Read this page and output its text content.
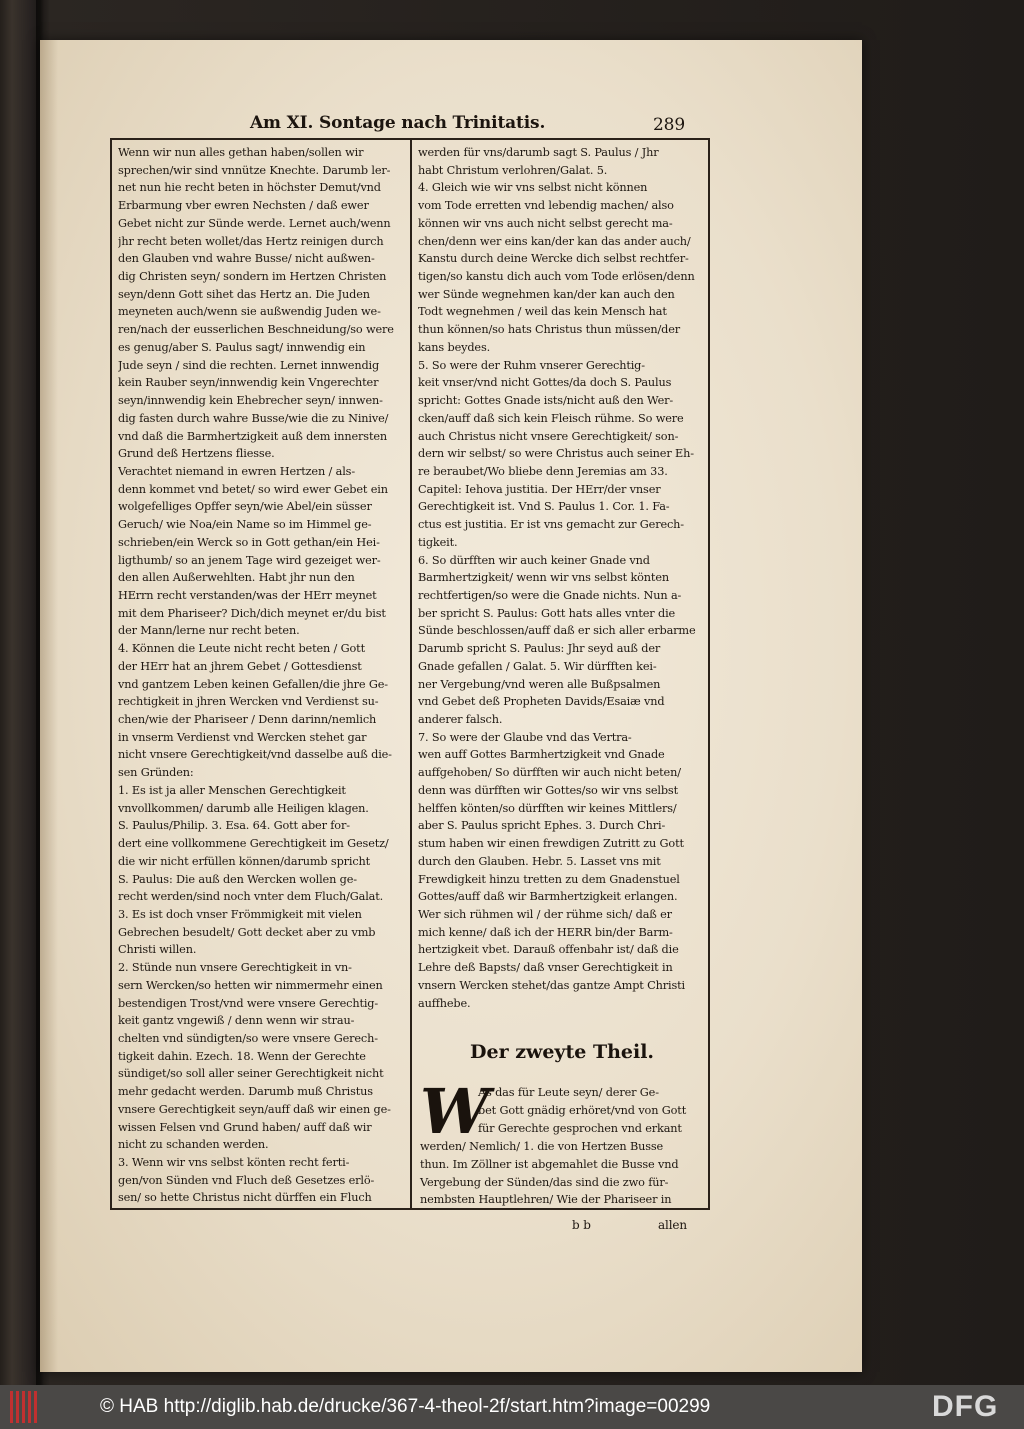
Am XI. Sontage nach Trinitatis.	289
Wenn wir nun alles gethan haben/sollen wir
sprechen/wir sind vnnütze Knechte. Darumb ler-
net nun hie recht beten in höchster Demut/vnd
Erbarmung vber ewren Nechsten / daß ewer
Gebet nicht zur Sünde werde. Lernet auch/wenn
jhr recht beten wollet/das Hertz reinigen durch
den Glauben vnd wahre Busse/ nicht außwen-
dig Christen seyn/ sondern im Hertzen Christen
seyn/denn Gott sihet das Hertz an. Die Juden
meyneten auch/wenn sie außwendig Juden we-
ren/nach der eusserlichen Beschneidung/so were
es genug/aber S. Paulus sagt/ innwendig ein
Jude seyn / sind die rechten. Lernet innwendig
kein Rauber seyn/innwendig kein Vngerechter
seyn/innwendig kein Ehebrecher seyn/ innwen-
dig fasten durch wahre Busse/wie die zu Ninive/
vnd daß die Barmhertzigkeit auß dem innersten
Grund deß Hertzens fliesse.
Verachtet niemand in ewren Hertzen / als-
denn kommet vnd betet/ so wird ewer Gebet ein
wolgefelliges Opffer seyn/wie Abel/ein süsser
Geruch/ wie Noa/ein Name so im Himmel ge-
schrieben/ein Werck so in Gott gethan/ein Hei-
ligthumb/ so an jenem Tage wird gezeiget wer-
den allen Außerwehlten. Habt jhr nun den
HErrn recht verstanden/was der HErr meynet
mit dem Phariseer? Dich/dich meynet er/du bist
der Mann/lerne nur recht beten.
4. Können die Leute nicht recht beten / Gott
der HErr hat an jhrem Gebet / Gottesdienst
vnd gantzem Leben keinen Gefallen/die jhre Ge-
rechtigkeit in jhren Wercken vnd Verdienst su-
chen/wie der Phariseer / Denn darinn/nemlich
in vnserm Verdienst vnd Wercken stehet gar
nicht vnsere Gerechtigkeit/vnd dasselbe auß die-
sen Gründen:
1. Es ist ja aller Menschen Gerechtigkeit
vnvollkommen/ darumb alle Heiligen klagen.
S. Paulus/Philip. 3. Esa. 64. Gott aber for-
dert eine vollkommene Gerechtigkeit im Gesetz/
die wir nicht erfüllen können/darumb spricht
S. Paulus: Die auß den Wercken wollen ge-
recht werden/sind noch vnter dem Fluch/Galat.
3. Es ist doch vnser Frömmigkeit mit vielen
Gebrechen besudelt/ Gott decket aber zu vmb
Christi willen.
2. Stünde nun vnsere Gerechtigkeit in vn-
sern Wercken/so hetten wir nimmermehr einen
bestendigen Trost/vnd were vnsere Gerechtig-
keit gantz vngewiß / denn wenn wir strau-
chelten vnd sündigten/so were vnsere Gerech-
tigkeit dahin. Ezech. 18. Wenn der Gerechte
sündiget/so soll aller seiner Gerechtigkeit nicht
mehr gedacht werden. Darumb muß Christus
vnsere Gerechtigkeit seyn/auff daß wir einen ge-
wissen Felsen vnd Grund haben/ auff daß wir
nicht zu schanden werden.
3. Wenn wir vns selbst könten recht ferti-
gen/von Sünden vnd Fluch deß Gesetzes erlö-
sen/ so hette Christus nicht dürffen ein Fluch
werden für vns/darumb sagt S. Paulus / Jhr
habt Christum verlohren/Galat. 5.
4. Gleich wie wir vns selbst nicht können
vom Tode erretten vnd lebendig machen/ also
können wir vns auch nicht selbst gerecht ma-
chen/denn wer eins kan/der kan das ander auch/
Kanstu durch deine Wercke dich selbst rechtfer-
tigen/so kanstu dich auch vom Tode erlösen/denn
wer Sünde wegnehmen kan/der kan auch den
Todt wegnehmen / weil das kein Mensch hat
thun können/so hats Christus thun müssen/der
kans beydes.
5. So were der Ruhm vnserer Gerechtig-
keit vnser/vnd nicht Gottes/da doch S. Paulus
spricht: Gottes Gnade ists/nicht auß den Wer-
cken/auff daß sich kein Fleisch rühme. So were
auch Christus nicht vnsere Gerechtigkeit/ son-
dern wir selbst/ so were Christus auch seiner Eh-
re beraubet/Wo bliebe denn Jeremias am 33.
Capitel: Iehova justitia. Der HErr/der vnser
Gerechtigkeit ist. Vnd S. Paulus 1. Cor. 1. Fa-
ctus est justitia. Er ist vns gemacht zur Gerech-
tigkeit.
6. So dürfften wir auch keiner Gnade vnd
Barmhertzigkeit/ wenn wir vns selbst könten
rechtfertigen/so were die Gnade nichts. Nun a-
ber spricht S. Paulus: Gott hats alles vnter die
Sünde beschlossen/auff daß er sich aller erbarme
Darumb spricht S. Paulus: Jhr seyd auß der
Gnade gefallen / Galat. 5. Wir dürfften kei-
ner Vergebung/vnd weren alle Bußpsalmen
vnd Gebet deß Propheten Davids/Esaiæ vnd
anderer falsch.
7. So were der Glaube vnd das Vertra-
wen auff Gottes Barmhertzigkeit vnd Gnade
auffgehoben/ So dürfften wir auch nicht beten/
denn was dürfften wir Gottes/so wir vns selbst
helffen könten/so dürfften wir keines Mittlers/
aber S. Paulus spricht Ephes. 3. Durch Chri-
stum haben wir einen frewdigen Zutritt zu Gott
durch den Glauben. Hebr. 5. Lasset vns mit
Frewdigkeit hinzu tretten zu dem Gnadenstuel
Gottes/auff daß wir Barmhertzigkeit erlangen.
Wer sich rühmen wil / der rühme sich/ daß er
mich kenne/ daß ich der HERR bin/der Barm-
hertzigkeit vbet. Darauß offenbahr ist/ daß die
Lehre deß Bapsts/ daß vnser Gerechtigkeit in
vnsern Wercken stehet/das gantze Ampt Christi
auffhebe.
Der zweyte Theil.
W
b b	allen
As das für Leute seyn/ derer Ge-
bet Gott gnädig erhöret/vnd von Gott
für Gerechte gesprochen vnd erkant
werden/ Nemlich/ 1. die von Hertzen Busse
thun. Im Zöllner ist abgemahlet die Busse vnd
Vergebung der Sünden/das sind die zwo für-
nembsten Hauptlehren/ Wie der Phariseer in
© HAB http://diglib.hab.de/drucke/367-4-theol-2f/start.htm?image=00299	DFG
